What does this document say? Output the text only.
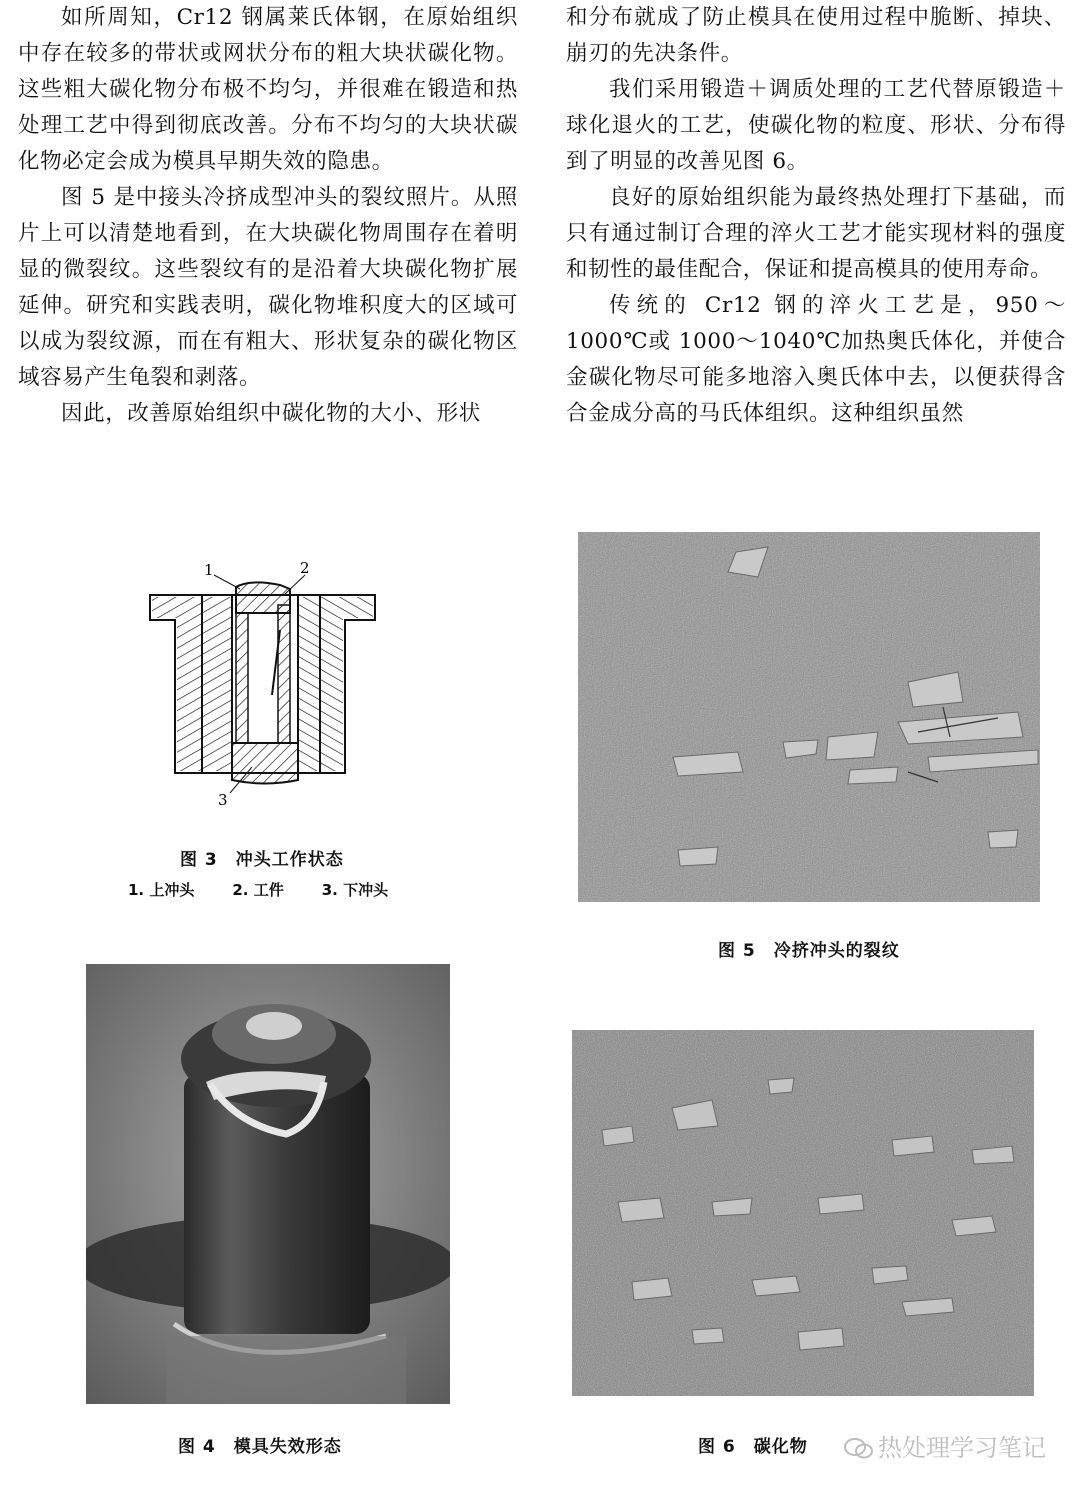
如所周知，Cr12 钢属莱氏体钢，在原始组织中存在较多的带状或网状分布的粗大块状碳化物。这些粗大碳化物分布极不均匀，并很难在锻造和热处理工艺中得到彻底改善。分布不均匀的大块状碳化物必定会成为模具早期失效的隐患。

图 5 是中接头冷挤成型冲头的裂纹照片。从照片上可以清楚地看到，在大块碳化物周围存在着明显的微裂纹。这些裂纹有的是沿着大块碳化物扩展延伸。研究和实践表明，碳化物堆积度大的区域可以成为裂纹源，而在有粗大、形状复杂的碳化物区域容易产生龟裂和剥落。

因此，改善原始组织中碳化物的大小、形状

和分布就成了防止模具在使用过程中脆断、掉块、崩刃的先决条件。

我们采用锻造＋调质处理的工艺代替原锻造＋球化退火的工艺，使碳化物的粒度、形状、分布得到了明显的改善见图 6。

良好的原始组织能为最终热处理打下基础，而只有通过制订合理的淬火工艺才能实现材料的强度和韧性的最佳配合，保证和提高模具的使用寿命。

传统的 Cr12 钢的淬火工艺是，950～1000℃或 1000～1040℃加热奥氏体化，并使合金碳化物尽可能多地溶入奥氏体中去，以便获得含合金成分高的马氏体组织。这种组织虽然

1	2
3
图 3 冲头工作状态
1. 上冲头	2. 工件	3. 下冲头
图 4 模具失效形态
图 5 冷挤冲头的裂纹
图 6 碳化物	热处理学习笔记
